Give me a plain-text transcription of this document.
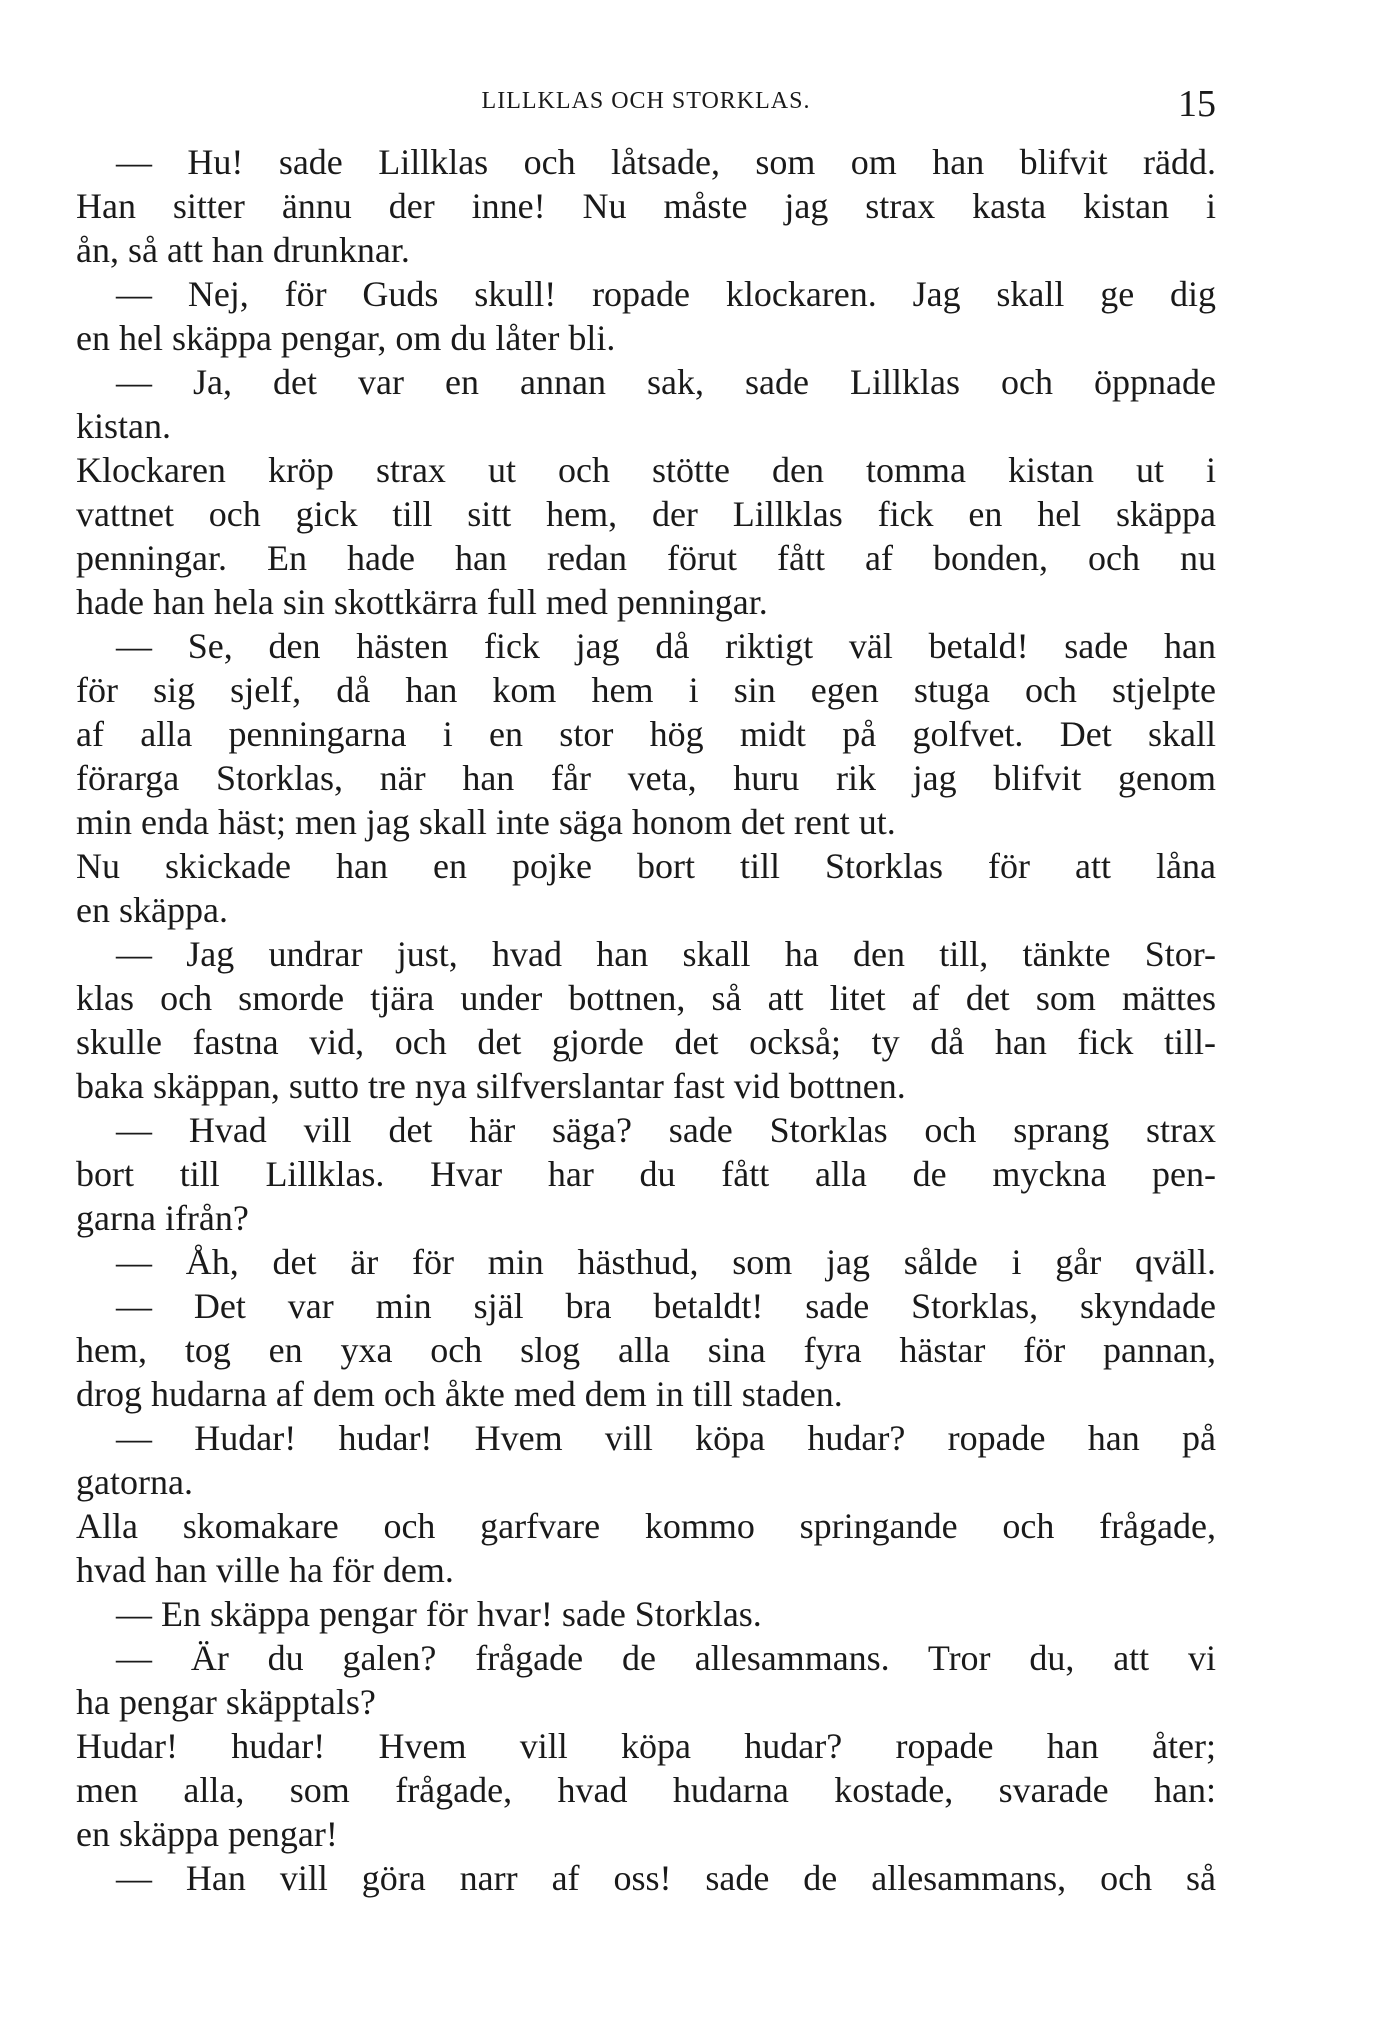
LILLKLAS OCH STORKLAS.	15
— Hu! sade Lillklas och låtsade, som om han blifvit rädd.
Han sitter ännu der inne! Nu måste jag strax kasta kistan i
ån, så att han drunknar.
— Nej, för Guds skull! ropade klockaren. Jag skall ge dig
en hel skäppa pengar, om du låter bli.
— Ja, det var en annan sak, sade Lillklas och öppnade
kistan.
Klockaren kröp strax ut och stötte den tomma kistan ut i
vattnet och gick till sitt hem, der Lillklas fick en hel skäppa
penningar. En hade han redan förut fått af bonden, och nu
hade han hela sin skottkärra full med penningar.
— Se, den hästen fick jag då riktigt väl betald! sade han
för sig sjelf, då han kom hem i sin egen stuga och stjelpte
af alla penningarna i en stor hög midt på golfvet. Det skall
förarga Storklas, när han får veta, huru rik jag blifvit genom
min enda häst; men jag skall inte säga honom det rent ut.
Nu skickade han en pojke bort till Storklas för att låna
en skäppa.
— Jag undrar just, hvad han skall ha den till, tänkte Stor-
klas och smorde tjära under bottnen, så att litet af det som mättes
skulle fastna vid, och det gjorde det också; ty då han fick till-
baka skäppan, sutto tre nya silfverslantar fast vid bottnen.
— Hvad vill det här säga? sade Storklas och sprang strax
bort till Lillklas. Hvar har du fått alla de myckna pen-
garna ifrån?
— Åh, det är för min hästhud, som jag sålde i går qväll.
— Det var min själ bra betaldt! sade Storklas, skyndade
hem, tog en yxa och slog alla sina fyra hästar för pannan,
drog hudarna af dem och åkte med dem in till staden.
— Hudar! hudar! Hvem vill köpa hudar? ropade han på
gatorna.
Alla skomakare och garfvare kommo springande och frågade,
hvad han ville ha för dem.
— En skäppa pengar för hvar! sade Storklas.
— Är du galen? frågade de allesammans. Tror du, att vi
ha pengar skäpptals?
Hudar! hudar! Hvem vill köpa hudar? ropade han åter;
men alla, som frågade, hvad hudarna kostade, svarade han:
en skäppa pengar!
— Han vill göra narr af oss! sade de allesammans, och så
